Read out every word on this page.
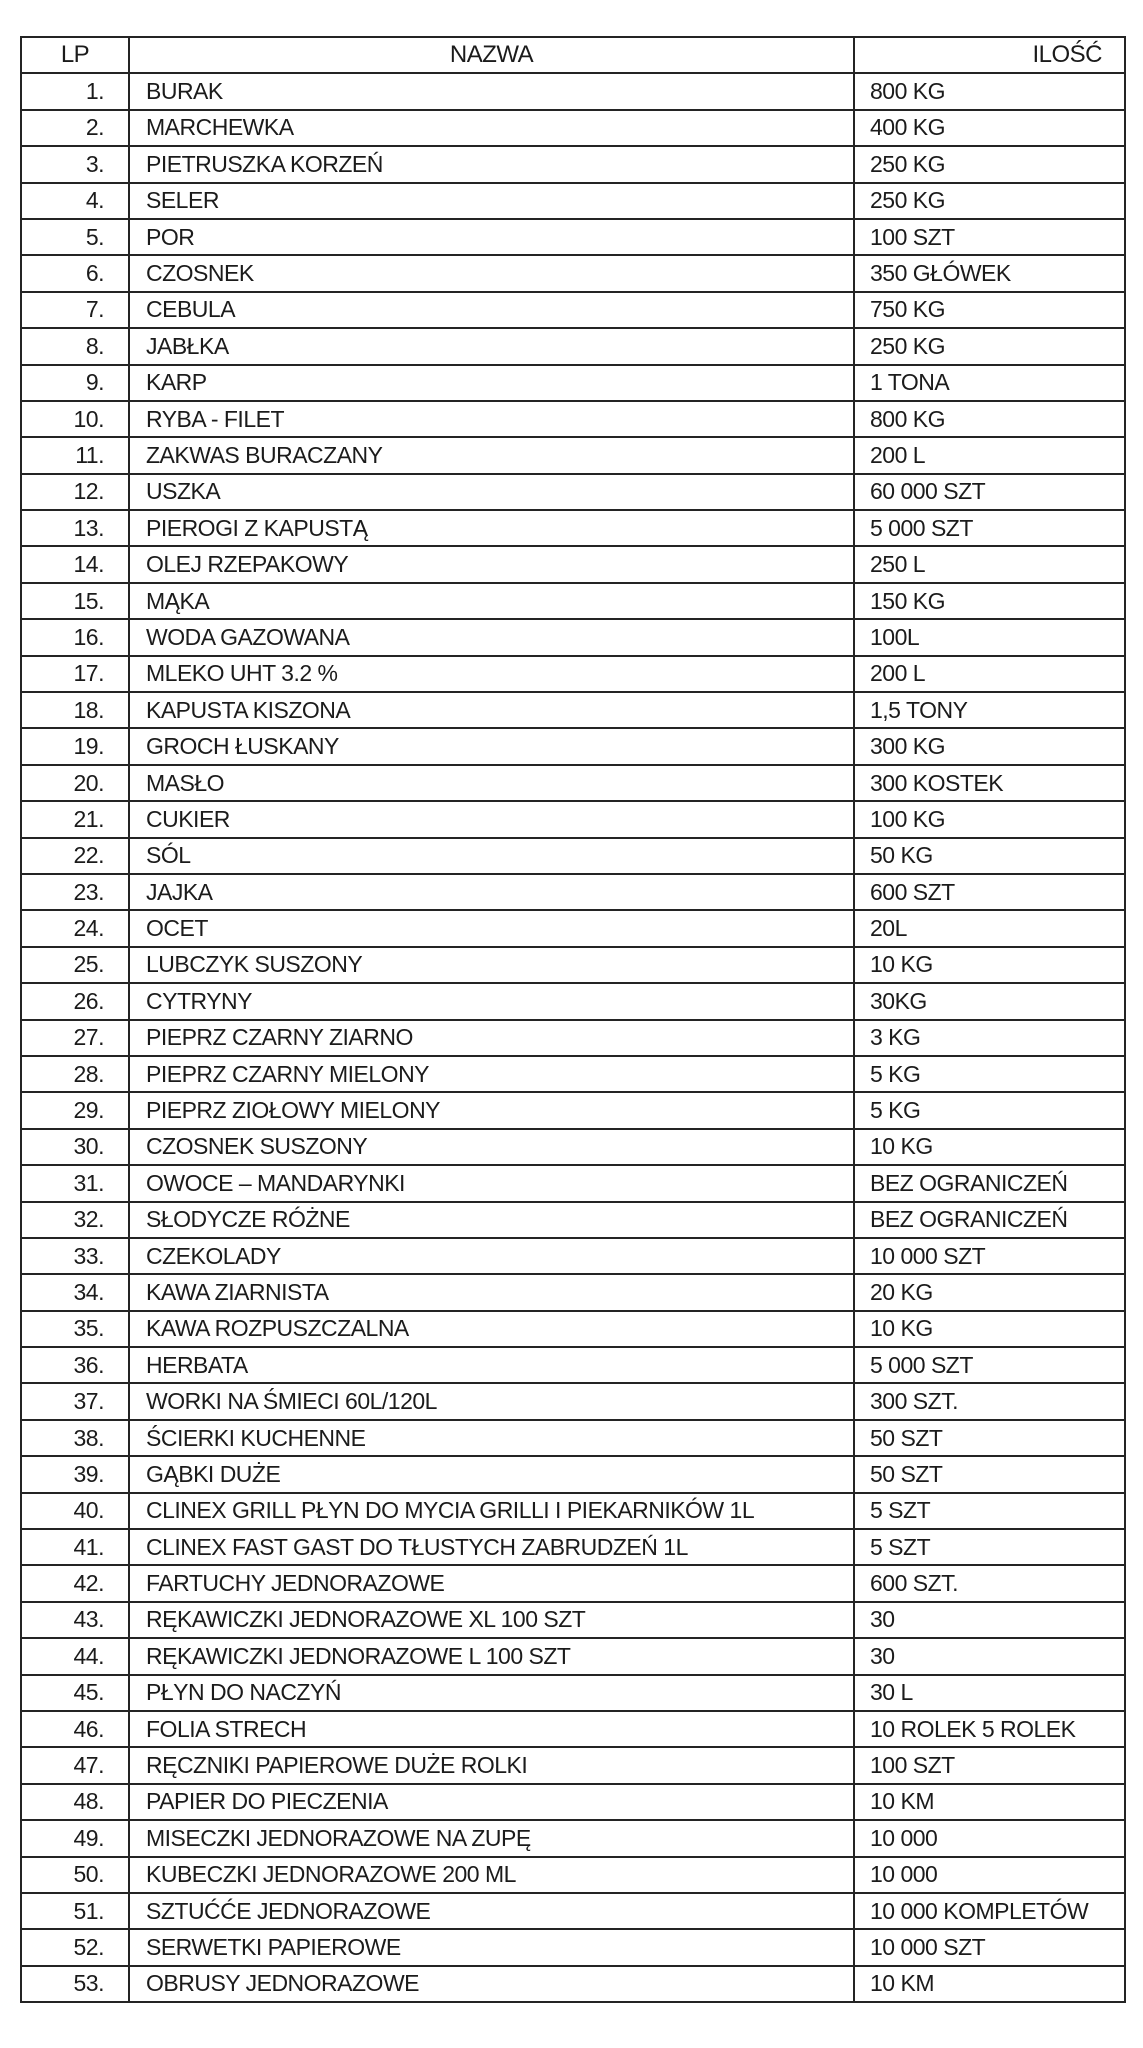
LP	NAZWA	ILOŚĆ
1.	BURAK	800 KG
2.	MARCHEWKA	400 KG
3.	PIETRUSZKA KORZEŃ	250 KG
4.	SELER	250 KG
5.	POR	100 SZT
6.	CZOSNEK	350 GŁÓWEK
7.	CEBULA	750 KG
8.	JABŁKA	250 KG
9.	KARP	1 TONA
10.	RYBA - FILET	800 KG
11.	ZAKWAS BURACZANY	200 L
12.	USZKA	60 000 SZT
13.	PIEROGI Z KAPUSTĄ	5 000 SZT
14.	OLEJ RZEPAKOWY	250 L
15.	MĄKA	150 KG
16.	WODA GAZOWANA	100L
17.	MLEKO UHT 3.2 %	200 L
18.	KAPUSTA KISZONA	1,5 TONY
19.	GROCH ŁUSKANY	300 KG
20.	MASŁO	300 KOSTEK
21.	CUKIER	100 KG
22.	SÓL	50 KG
23.	JAJKA	600 SZT
24.	OCET	20L
25.	LUBCZYK SUSZONY	10 KG
26.	CYTRYNY	30KG
27.	PIEPRZ CZARNY ZIARNO	3 KG
28.	PIEPRZ CZARNY MIELONY	5 KG
29.	PIEPRZ ZIOŁOWY MIELONY	5 KG
30.	CZOSNEK SUSZONY	10 KG
31.	OWOCE – MANDARYNKI	BEZ OGRANICZEŃ
32.	SŁODYCZE RÓŻNE	BEZ OGRANICZEŃ
33.	CZEKOLADY	10 000 SZT
34.	KAWA ZIARNISTA	20 KG
35.	KAWA ROZPUSZCZALNA	10 KG
36.	HERBATA	5 000 SZT
37.	WORKI NA ŚMIECI 60L/120L	300 SZT.
38.	ŚCIERKI KUCHENNE	50 SZT
39.	GĄBKI DUŻE	50 SZT
40.	CLINEX GRILL PŁYN DO MYCIA GRILLI I PIEKARNIKÓW 1L	5 SZT
41.	CLINEX FAST GAST DO TŁUSTYCH ZABRUDZEŃ 1L	5 SZT
42.	FARTUCHY JEDNORAZOWE	600 SZT.
43.	RĘKAWICZKI JEDNORAZOWE XL 100 SZT	30
44.	RĘKAWICZKI JEDNORAZOWE L 100 SZT	30
45.	PŁYN DO NACZYŃ	30 L
46.	FOLIA STRECH	10 ROLEK 5 ROLEK
47.	RĘCZNIKI PAPIEROWE DUŻE ROLKI	100 SZT
48.	PAPIER DO PIECZENIA	10 KM
49.	MISECZKI JEDNORAZOWE NA ZUPĘ	10 000
50.	KUBECZKI JEDNORAZOWE 200 ML	10 000
51.	SZTUĆĆE JEDNORAZOWE	10 000 KOMPLETÓW
52.	SERWETKI PAPIEROWE	10 000 SZT
53.	OBRUSY JEDNORAZOWE	10 KM
